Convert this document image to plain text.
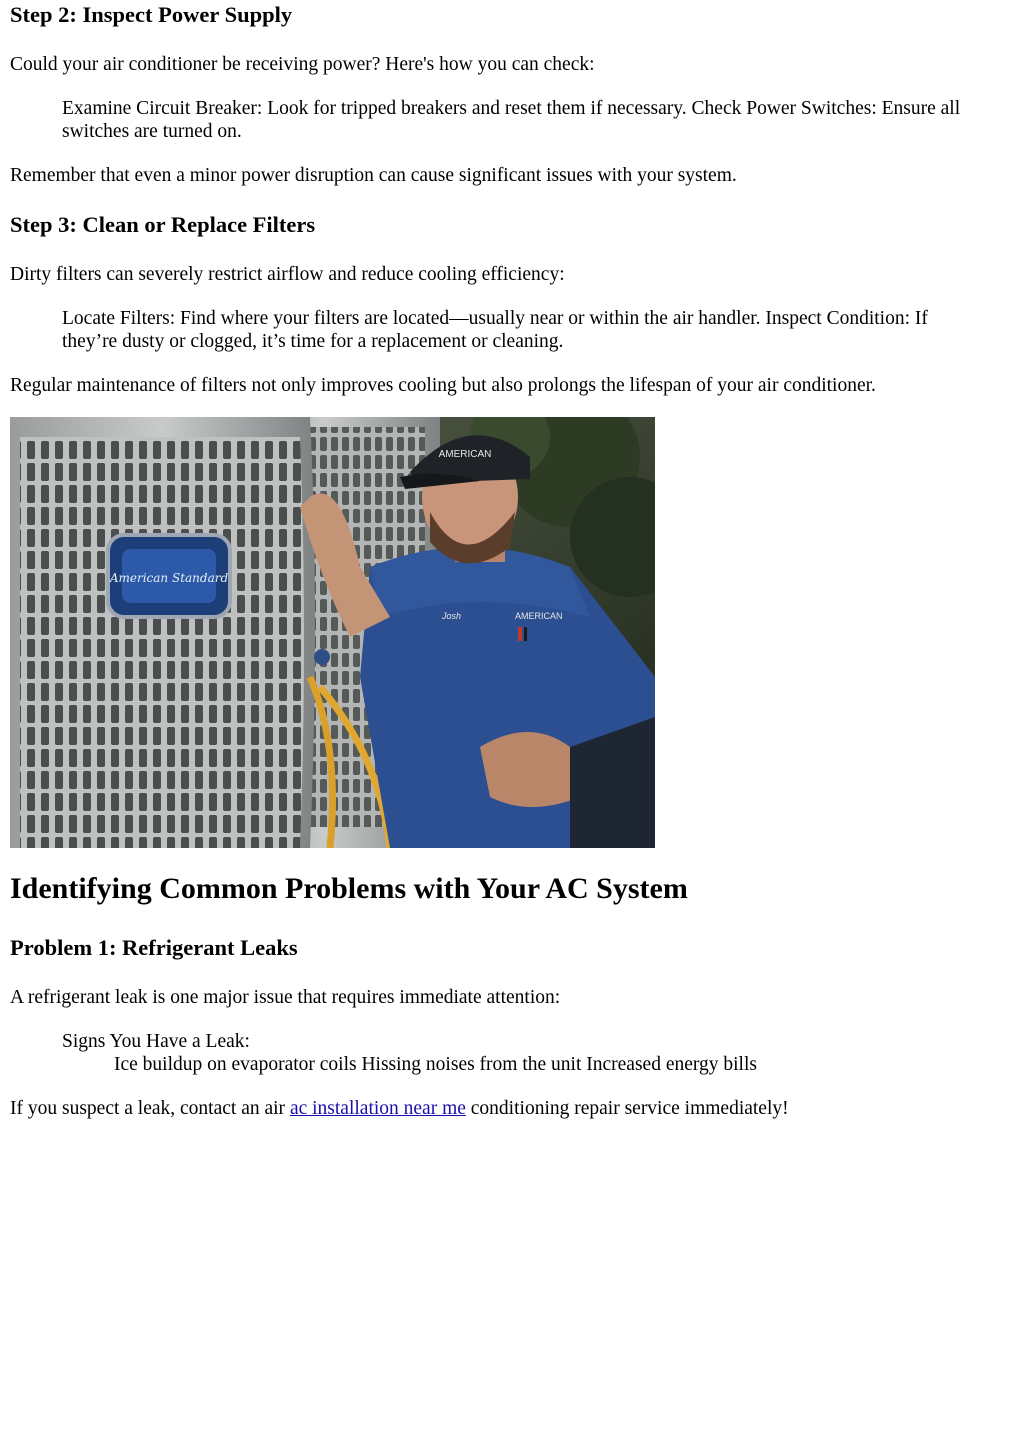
Step 2: Inspect Power Supply

Could your air conditioner be receiving power? Here's how you can check:

Examine Circuit Breaker: Look for tripped breakers and reset them if necessary. Check Power Switches: Ensure all
switches are turned on.

Remember that even a minor power disruption can cause significant issues with your system.

Step 3: Clean or Replace Filters

Dirty filters can severely restrict airflow and reduce cooling efficiency:

Locate Filters: Find where your filters are located—usually near or within the air handler. Inspect Condition: If
they’re dusty or clogged, it’s time for a replacement or cleaning.

Regular maintenance of filters not only improves cooling but also prolongs the lifespan of your air conditioner.

American Standard
AMERICAN
Josh	AMERICAN
Identifying Common Problems with Your AC System
Problem 1: Refrigerant Leaks

A refrigerant leak is one major issue that requires immediate attention:

Signs You Have a Leak:
Ice buildup on evaporator coils Hissing noises from the unit Increased energy bills

If you suspect a leak, contact an air ac installation near me conditioning repair service immediately!
